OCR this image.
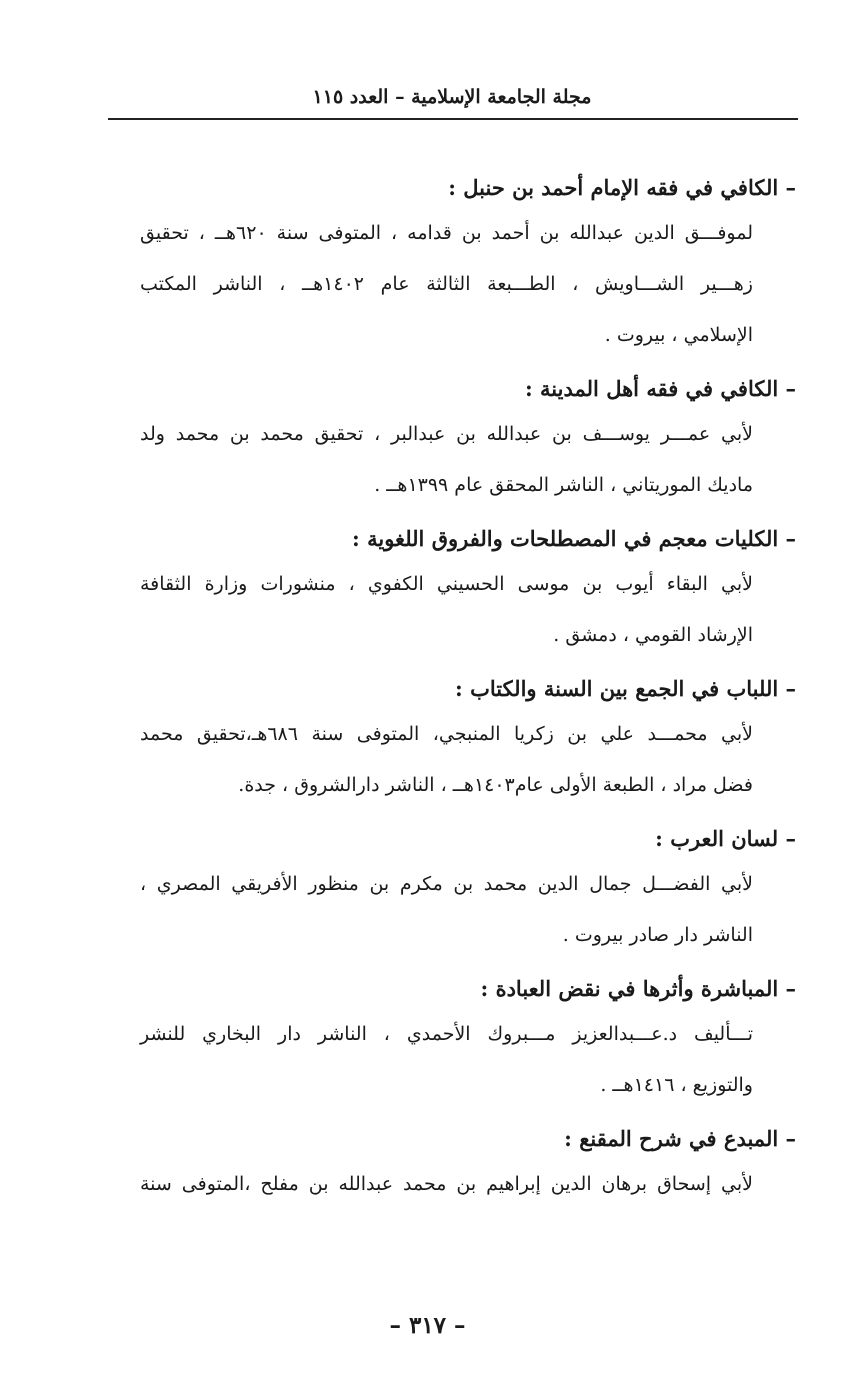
مجلة الجامعة الإسلامية – العدد ١١٥
– الكافي في فقه الإمام أحمد بن حنبل :
لموفـــق الدين عبدالله بن أحمد بن قدامه ، المتوفى سنة ٦٢٠هــ ، تحقيق
زهـــير الشـــاويش ، الطـــبعة الثالثة عام ١٤٠٢هــ ، الناشر المكتب
الإسلامي ، بيروت .
– الكافي في فقه أهل المدينة :
لأبي عمـــر يوســـف بن عبدالله بن عبدالبر ، تحقيق محمد بن محمد ولد
ماديك الموريتاني ، الناشر المحقق عام ١٣٩٩هــ .
– الكليات معجم في المصطلحات والفروق اللغوية :
لأبي البقاء أيوب بن موسى الحسيني الكفوي ، منشورات وزارة الثقافة
الإرشاد القومي ، دمشق .
– اللباب في الجمع بين السنة والكتاب :
لأبي محمـــد علي بن زكريا المنبجي، المتوفى سنة ٦٨٦هـ،تحقيق محمد
فضل مراد ، الطبعة الأولى عام١٤٠٣هــ ، الناشر دارالشروق ، جدة.
– لسان العرب :
لأبي الفضـــل جمال الدين محمد بن مكرم بن منظور الأفريقي المصري ،
الناشر دار صادر بيروت .
– المباشرة وأثرها في نقض العبادة :
تـــأليف د.عـــبدالعزيز مـــبروك الأحمدي ، الناشر دار البخاري للنشر
والتوزيع ، ١٤١٦هــ .
– المبدع في شرح المقنع :
لأبي إسحاق برهان الدين إبراهيم بن محمد عبدالله بن مفلح ،المتوفى سنة
– ٣١٧ –
